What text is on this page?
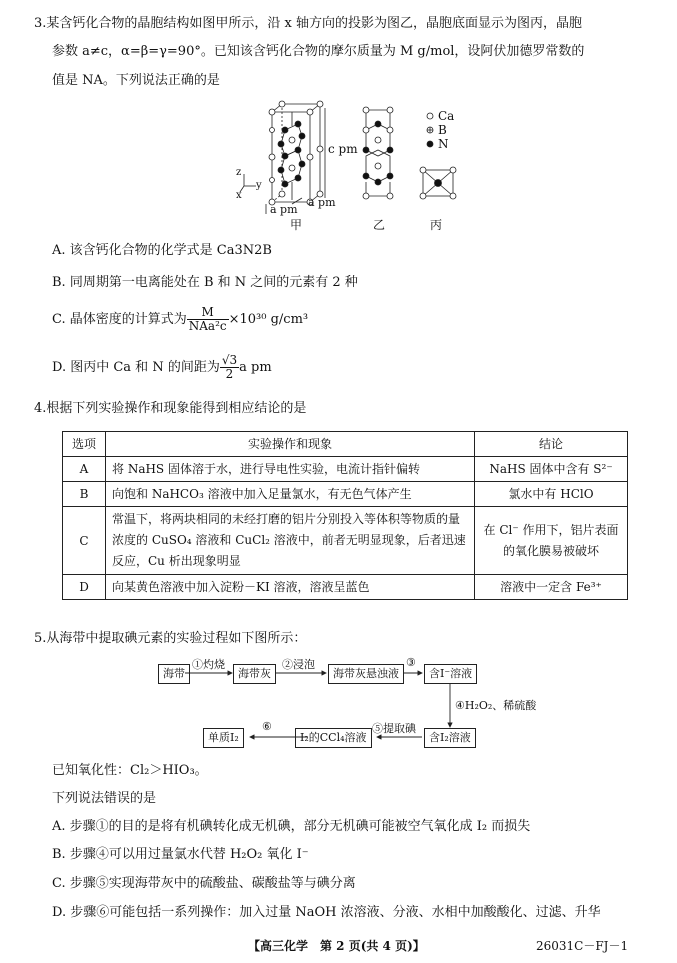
3.某含钙化合物的晶胞结构如图甲所示，沿 x 轴方向的投影为图乙，晶胞底面显示为图丙，晶胞
参数 a≠c，α=β=γ=90°。已知该含钙化合物的摩尔质量为 M g/mol，设阿伏加德罗常数的
值是 NA。下列说法正确的是
Ca
B
N
c pm
z
y
x
a pm
a pm
甲	乙	丙
A. 该含钙化合物的化学式是 Ca3N2B
B. 同周期第一电离能处在 B 和 N 之间的元素有 2 种
C. 晶体密度的计算式为 $\frac{M}{\text{NAa²c}} \times 10^{30}$ g/cm³
D. 图丙中 Ca 和 N 的间距为 $\frac{√3}{2}$ a pm
4.根据下列实验操作和现象能得到相应结论的是
选项	实验操作和现象	结论
A	将 NaHS 固体溶于水，进行导电性实验，电流计指针偏转	NaHS 固体中含有 S²⁻
B	向饱和 NaHCO₃ 溶液中加入足量氯水，有无色气体产生	氯水中有 HClO
C	常温下，将两块相同的未经打磨的铝片分别投入等体积等物质的量浓度的 CuSO₄ 溶液和 CuCl₂ 溶液中，前者无明显现象，后者迅速反应，Cu 析出现象明显	在 Cl⁻ 作用下，铝片表面的氧化膜易被破坏
D	向某黄色溶液中加入淀粉－KI 溶液，溶液呈蓝色	溶液中一定含 Fe³⁺
5.从海带中提取碘元素的实验过程如下图所示：
海带
①灼烧
海带灰
②浸泡
海带灰悬浊液
③
含I⁻溶液
④H₂O₂、稀硫酸
含I₂溶液
⑤提取碘
I₂的CCl₄溶液
⑥
单质I₂
已知氧化性：Cl₂＞HIO₃。
下列说法错误的是
A. 步骤①的目的是将有机碘转化成无机碘，部分无机碘可能被空气氧化成 I₂ 而损失
B. 步骤④可以用过量氯水代替 H₂O₂ 氧化 I⁻
C. 步骤⑤实现海带灰中的硫酸盐、碳酸盐等与碘分离
D. 步骤⑥可能包括一系列操作：加入过量 NaOH 浓溶液、分液、水相中加酸酸化、过滤、升华
【高三化学　第 2 页(共 4 页)】	26031C－FJ－1
